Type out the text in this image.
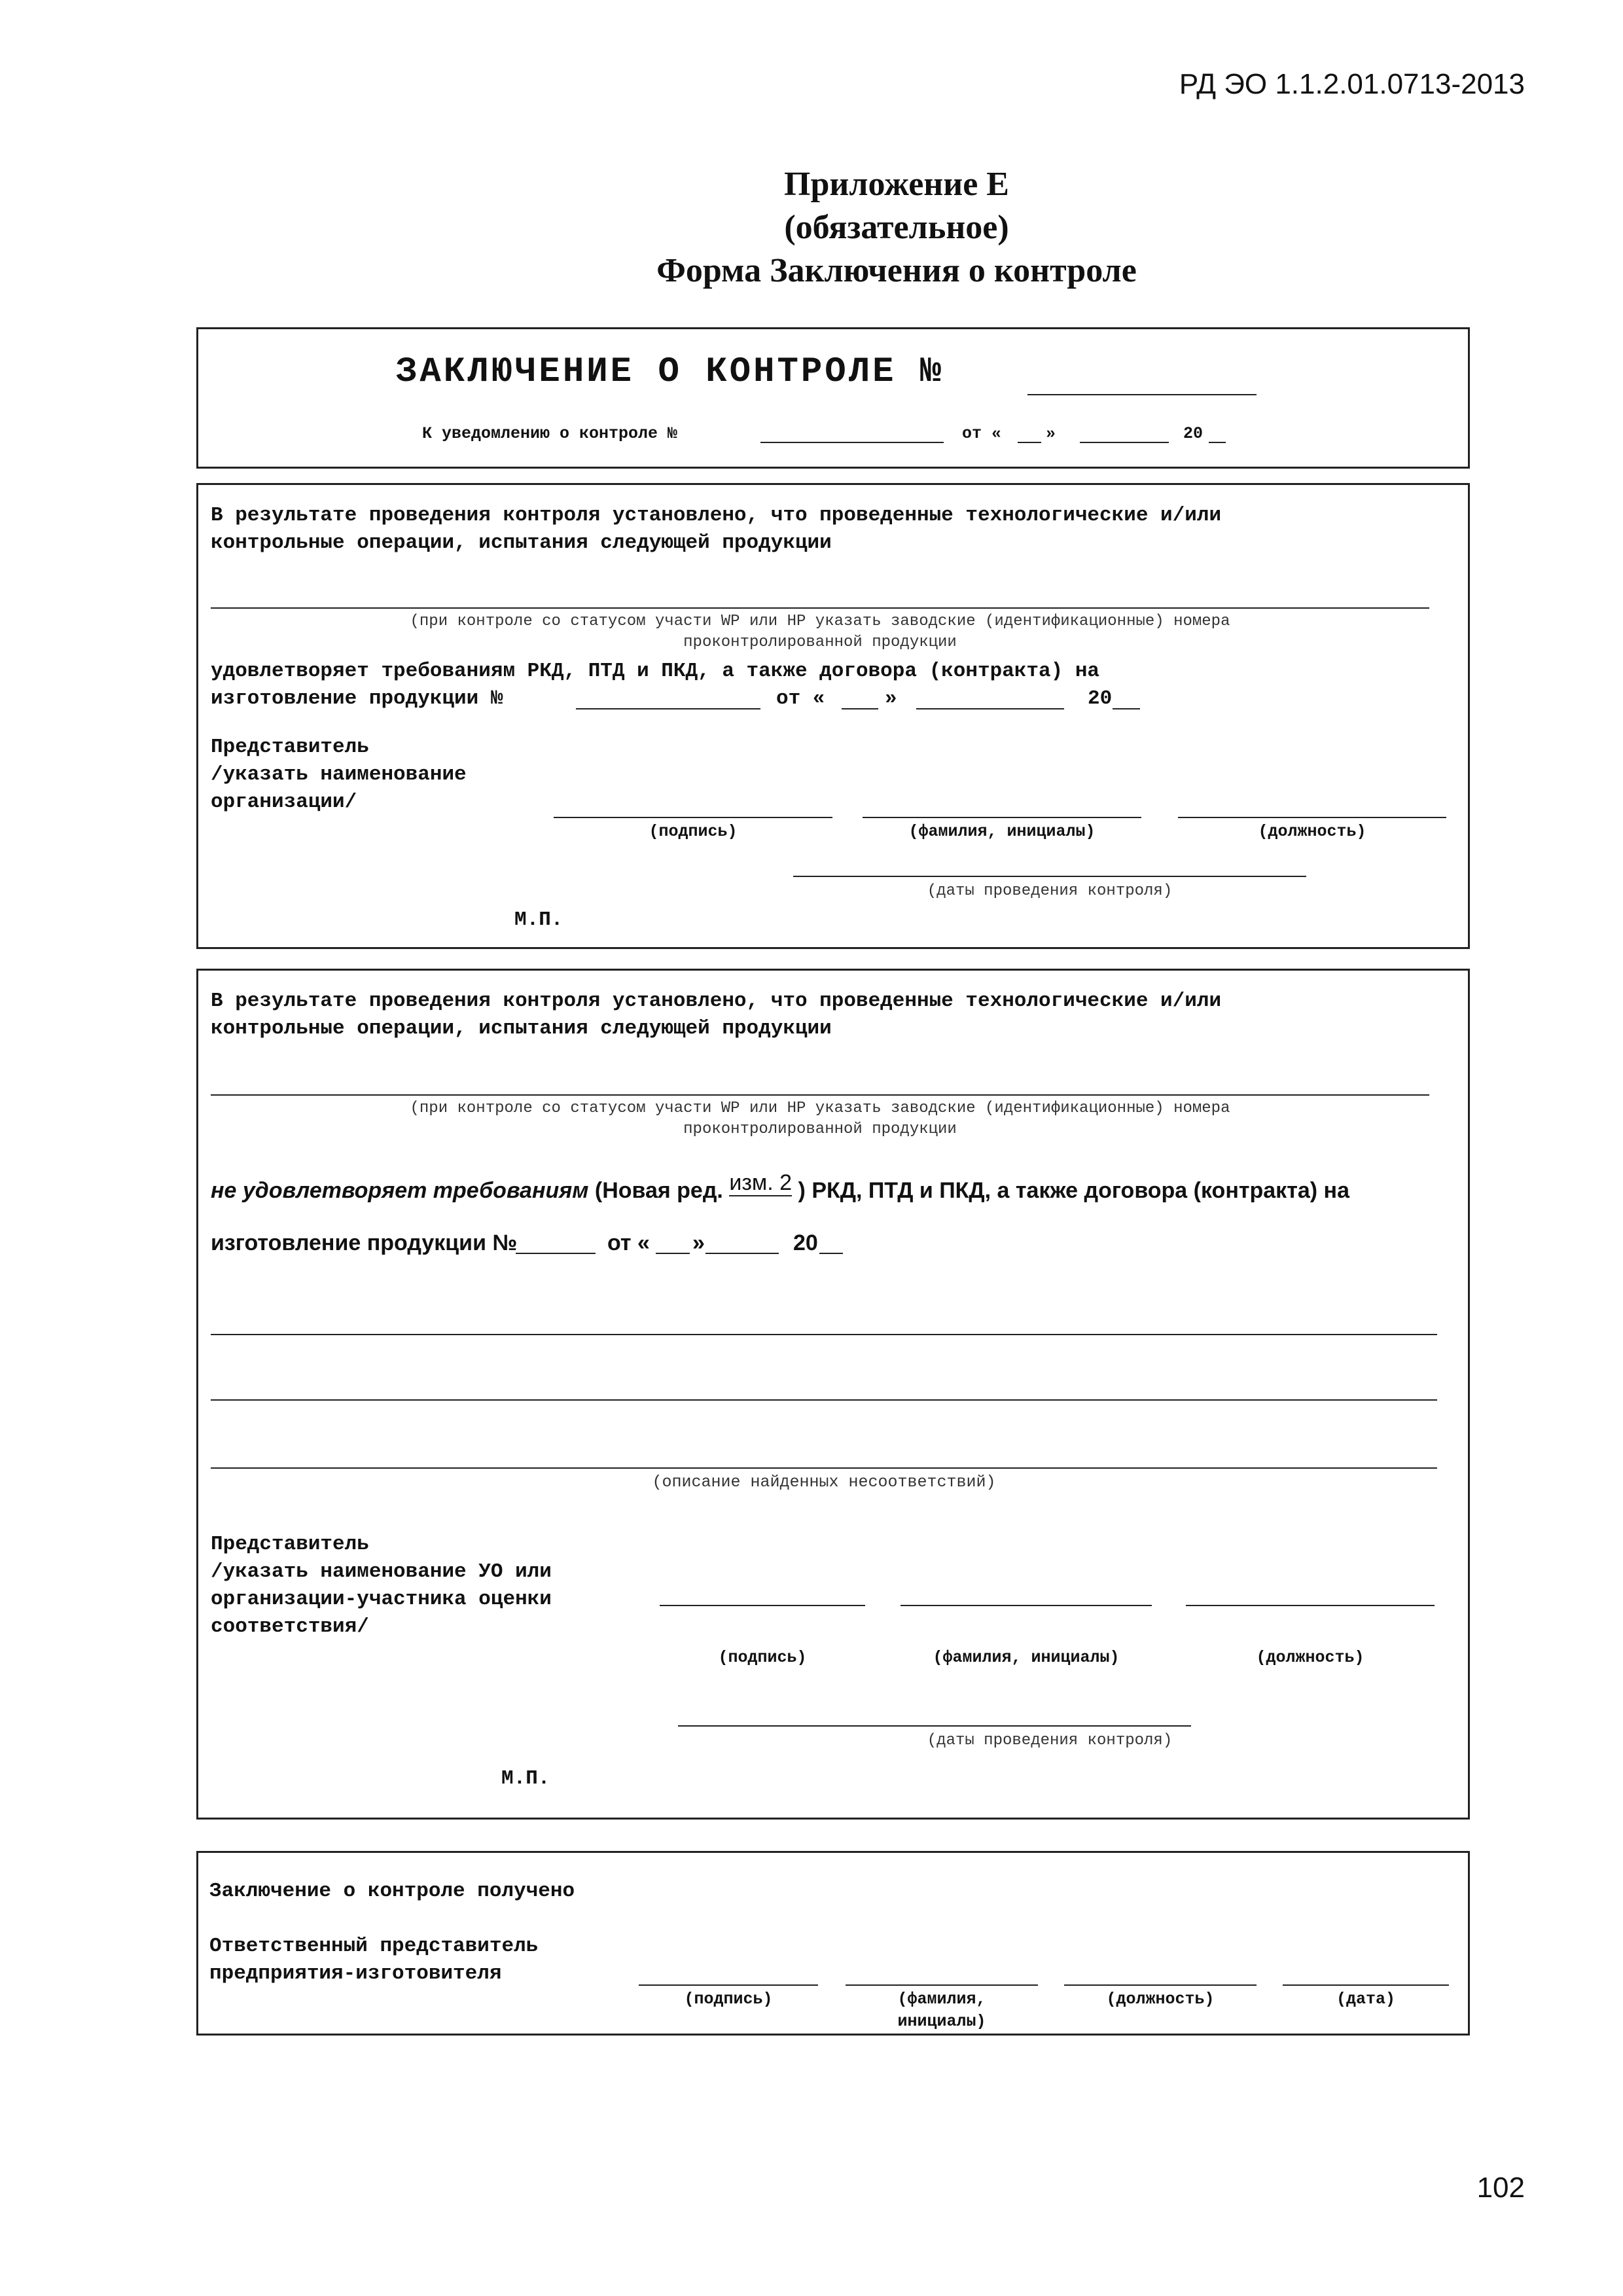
РД ЭО 1.1.2.01.0713-2013
Приложение Е
(обязательное)
Форма Заключения о контроле
ЗАКЛЮЧЕНИЕ О КОНТРОЛЕ №
К уведомлению о контроле №	от «	»	20
В результате проведения контроля установлено, что проведенные технологические и/или
контрольные операции, испытания следующей продукции
(при контроле со статусом участи WP или HP указать заводские (идентификационные) номера
проконтролированной продукции
удовлетворяет требованиям РКД, ПТД и ПКД, а также договора (контракта) на
изготовление продукции №	от «	»	20
Представитель
/указать наименование
организации/
(подпись)	(фамилия, инициалы)	(должность)
(даты проведения контроля)
М.П.
В результате проведения контроля установлено, что проведенные технологические и/или
контрольные операции, испытания следующей продукции
(при контроле со статусом участи WP или HP указать заводские (идентификационные) номера
проконтролированной продукции
не удовлетворяет требованиям (Новая ред. изм. 2 ) РКД, ПТД и ПКД, а также договора (контракта) на
изготовление продукции №	от « »	20
(описание найденных несоответствий)
Представитель
/указать наименование УО или
организации-участника оценки
соответствия/
(подпись)	(фамилия, инициалы)	(должность)
(даты проведения контроля)
М.П.
Заключение о контроле получено
Ответственный представитель
предприятия-изготовителя
(подпись)	(фамилия,
инициалы)
(должность)	(дата)
102
